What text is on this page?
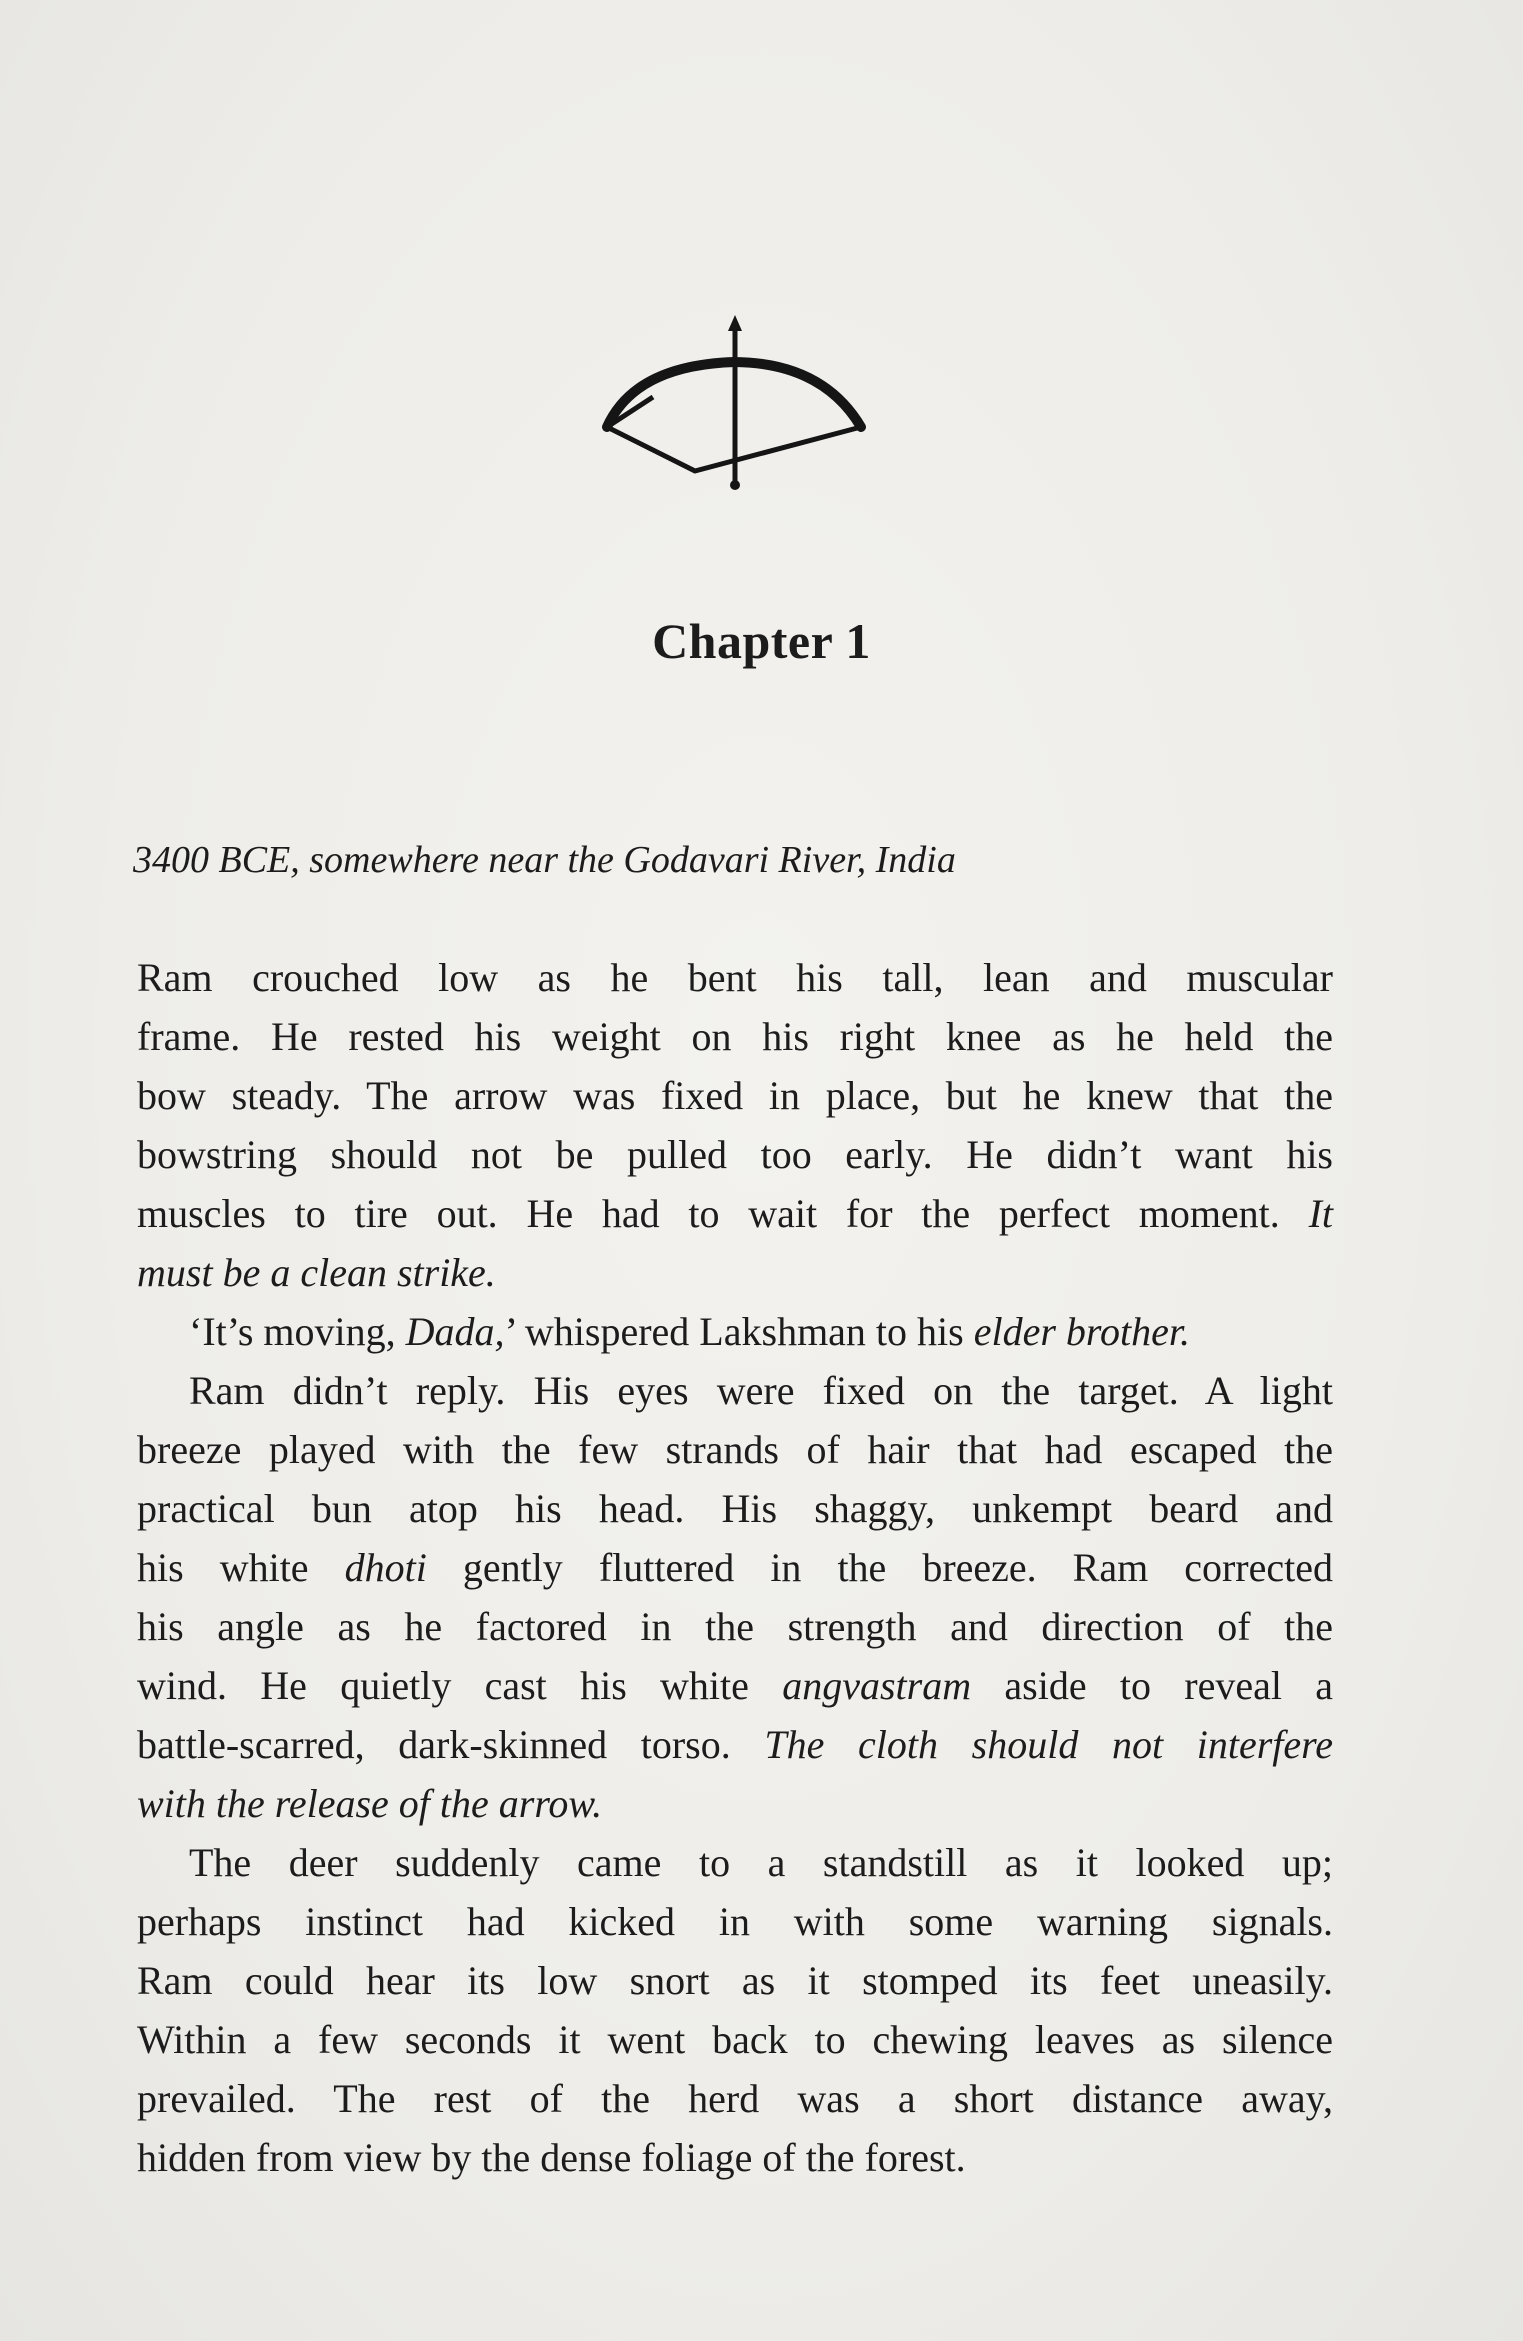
Chapter 1
3400 BCE, somewhere near the Godavari River, India
Ram crouched low as he bent his tall, lean and muscular
frame. He rested his weight on his right knee as he held the
bow steady. The arrow was fixed in place, but he knew that the
bowstring should not be pulled too early. He didn’t want his
muscles to tire out. He had to wait for the perfect moment. It
must be a clean strike.
‘It’s moving, Dada,’ whispered Lakshman to his elder brother.
Ram didn’t reply. His eyes were fixed on the target. A light
breeze played with the few strands of hair that had escaped the
practical bun atop his head. His shaggy, unkempt beard and
his white dhoti gently fluttered in the breeze. Ram corrected
his angle as he factored in the strength and direction of the
wind. He quietly cast his white angvastram aside to reveal a
battle-scarred, dark-skinned torso. The cloth should not interfere
with the release of the arrow.
The deer suddenly came to a standstill as it looked up;
perhaps instinct had kicked in with some warning signals.
Ram could hear its low snort as it stomped its feet uneasily.
Within a few seconds it went back to chewing leaves as silence
prevailed. The rest of the herd was a short distance away,
hidden from view by the dense foliage of the forest.
